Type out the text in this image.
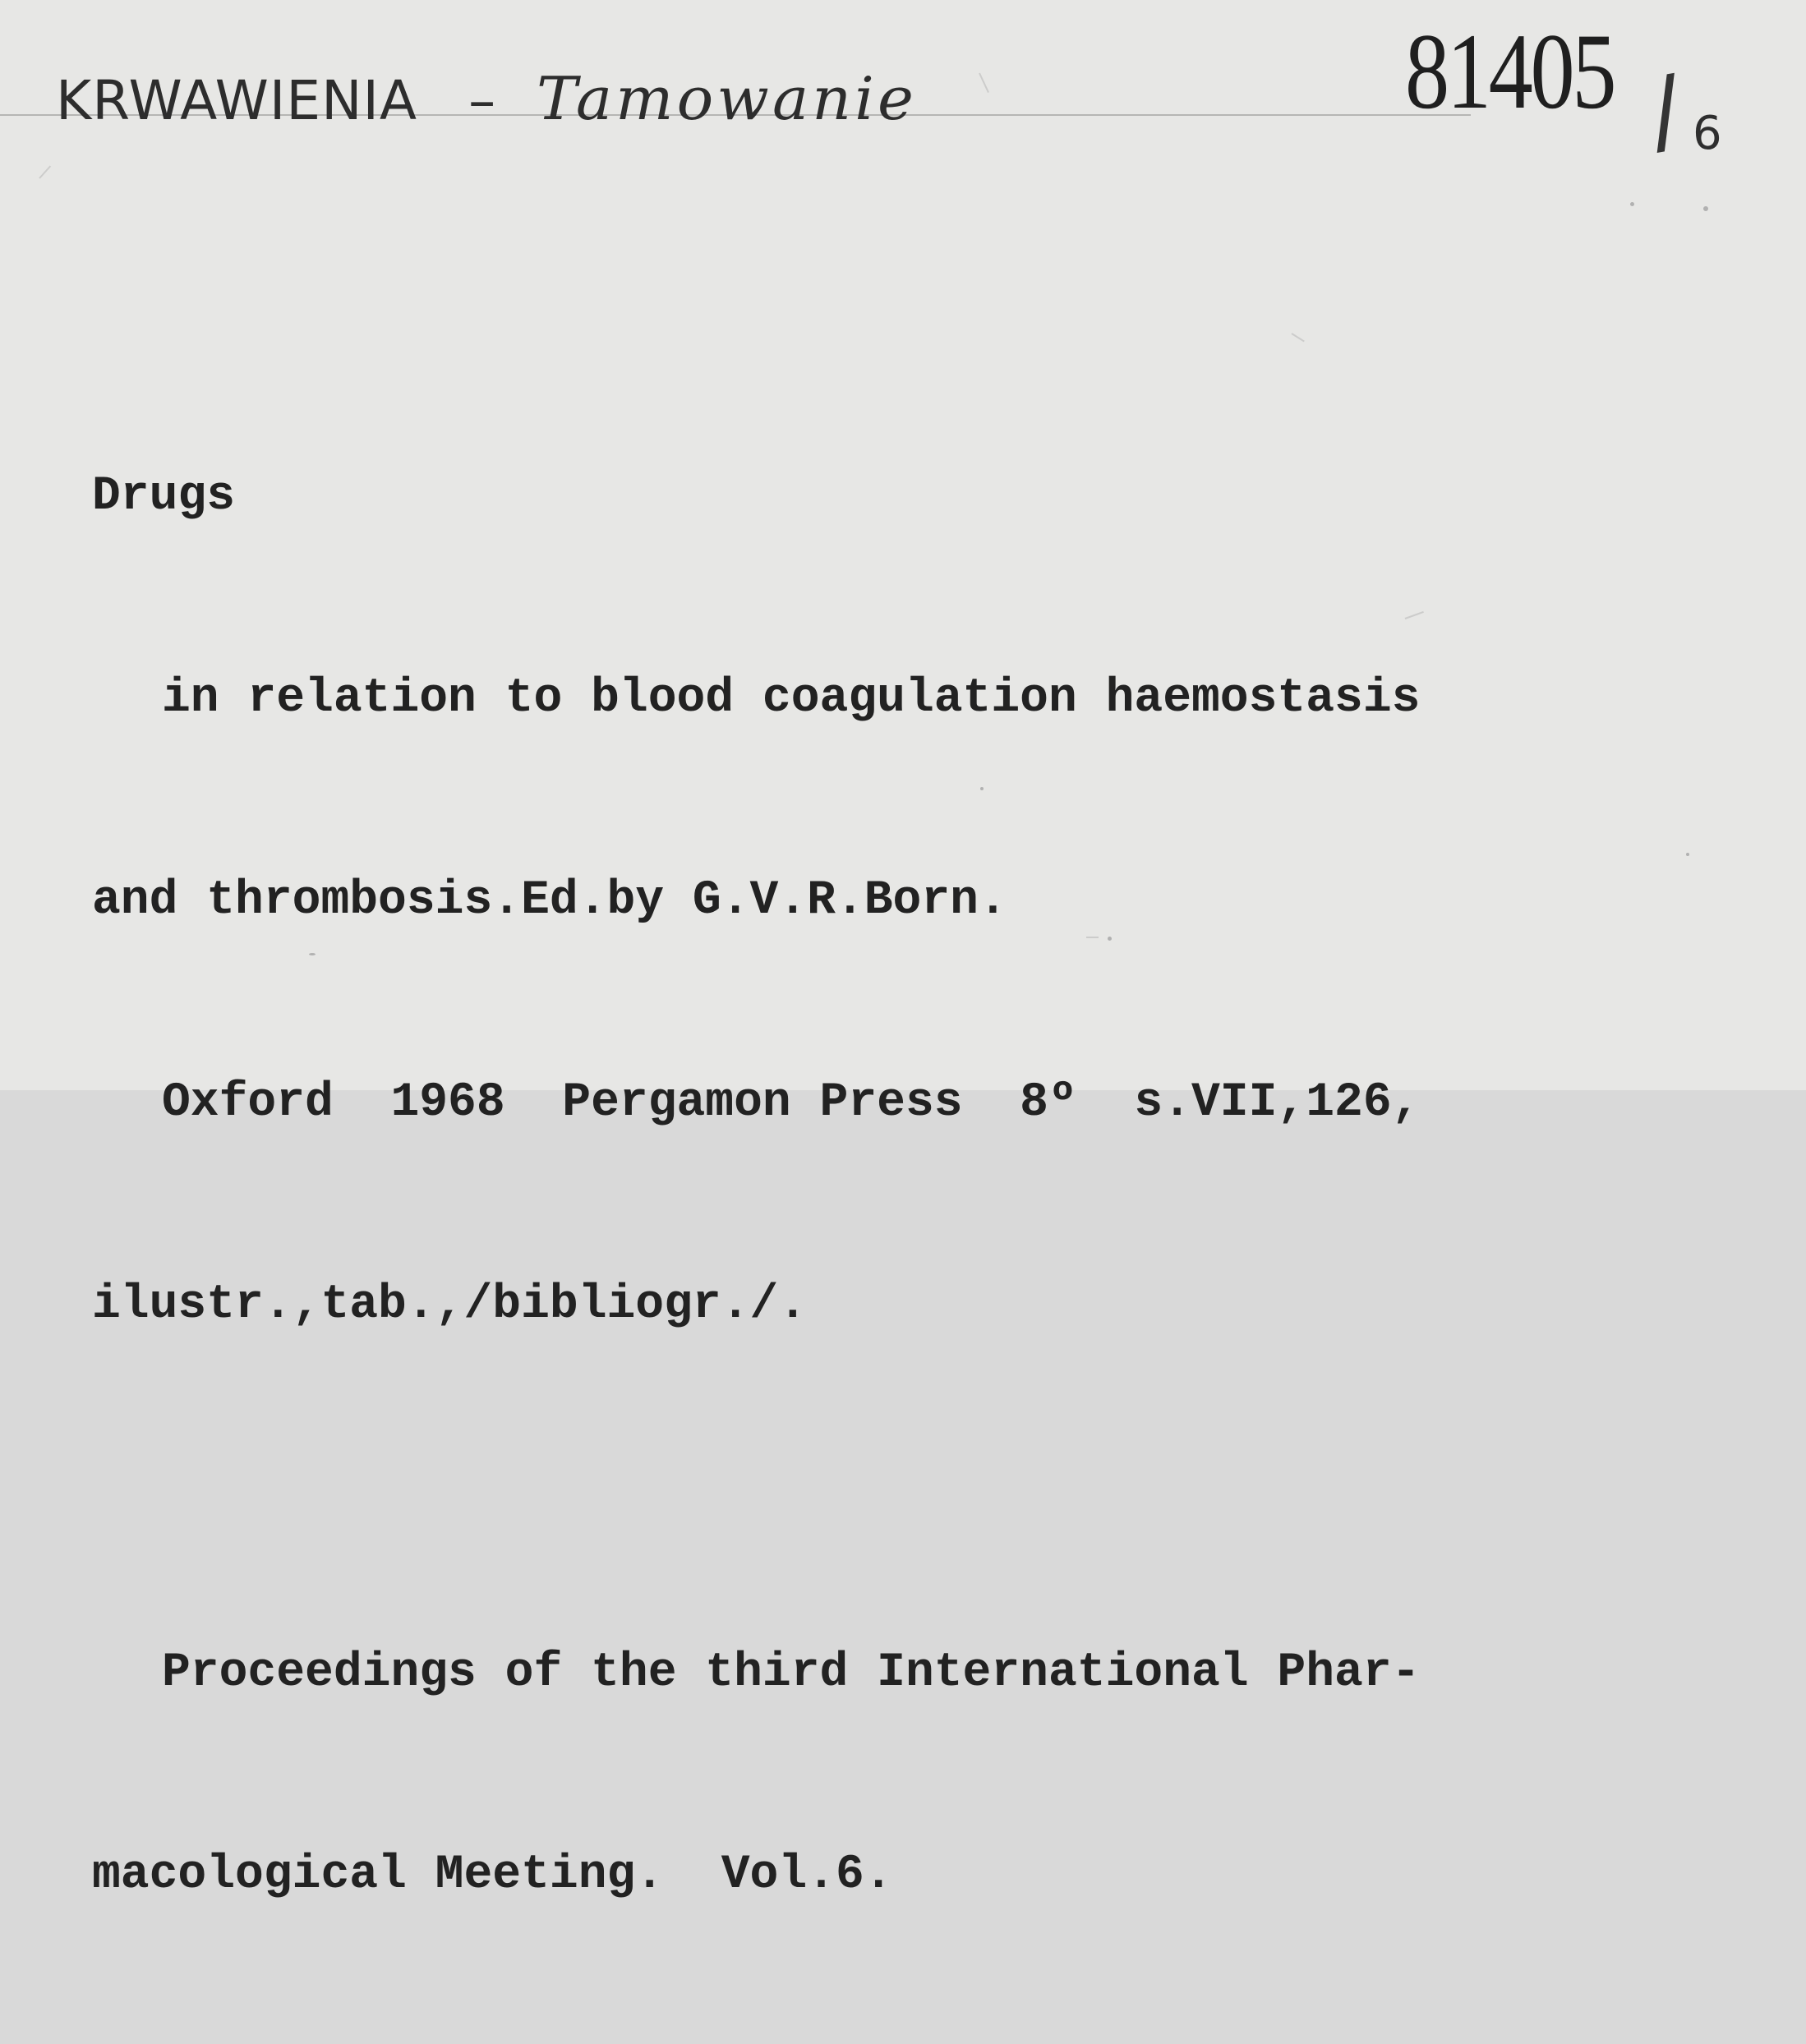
KRWAWIENIA – Tamowanie	81405 / 6

Drugs

in relation to blood coagulation haemostasis

and thrombosis.Ed.by G.V.R.Born.

Oxford  1968  Pergamon Press  8º  s.VII,126,

ilustr.,tab.,/bibliogr./.

Proceedings of the third International Phar-

macological Meeting.  Vol.6.
